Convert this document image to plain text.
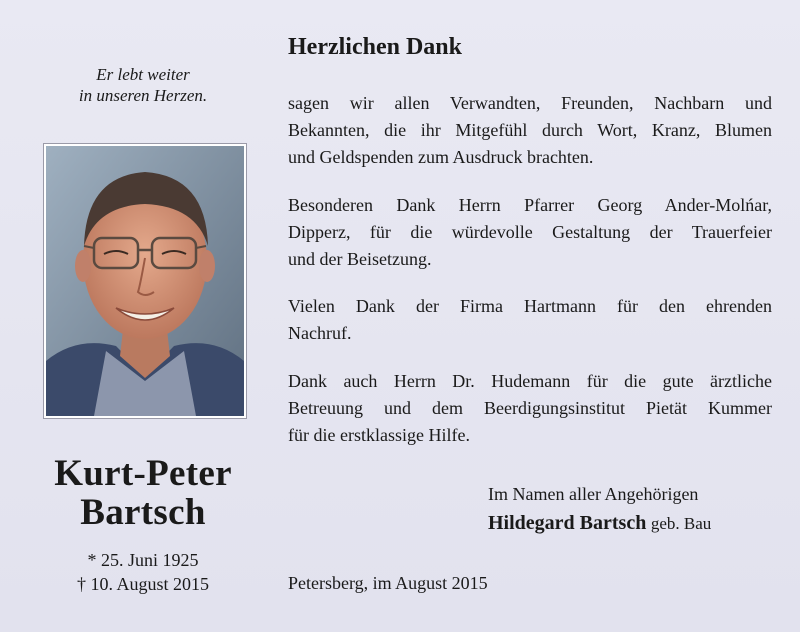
Er lebt weiter
in unseren Herzen.
Kurt-Peter
Bartsch
* 25. Juni 1925
† 10. August 2015
Herzlichen Dank
sagen wir allen Verwandten, Freunden, Nachbarn und
Bekannten, die ihr Mitgefühl durch Wort, Kranz, Blumen
und Geldspenden zum Ausdruck brachten.
Besonderen Dank Herrn Pfarrer Georg Ander-Molńar,
Dipperz, für die würdevolle Gestaltung der Trauerfeier
und der Beisetzung.
Vielen Dank der Firma Hartmann für den ehrenden
Nachruf.
Dank auch Herrn Dr. Hudemann für die gute ärztliche
Betreuung und dem Beerdigungsinstitut Pietät Kummer
für die erstklassige Hilfe.
Im Namen aller Angehörigen
Hildegard Bartsch geb. Bau
Petersberg, im August 2015
